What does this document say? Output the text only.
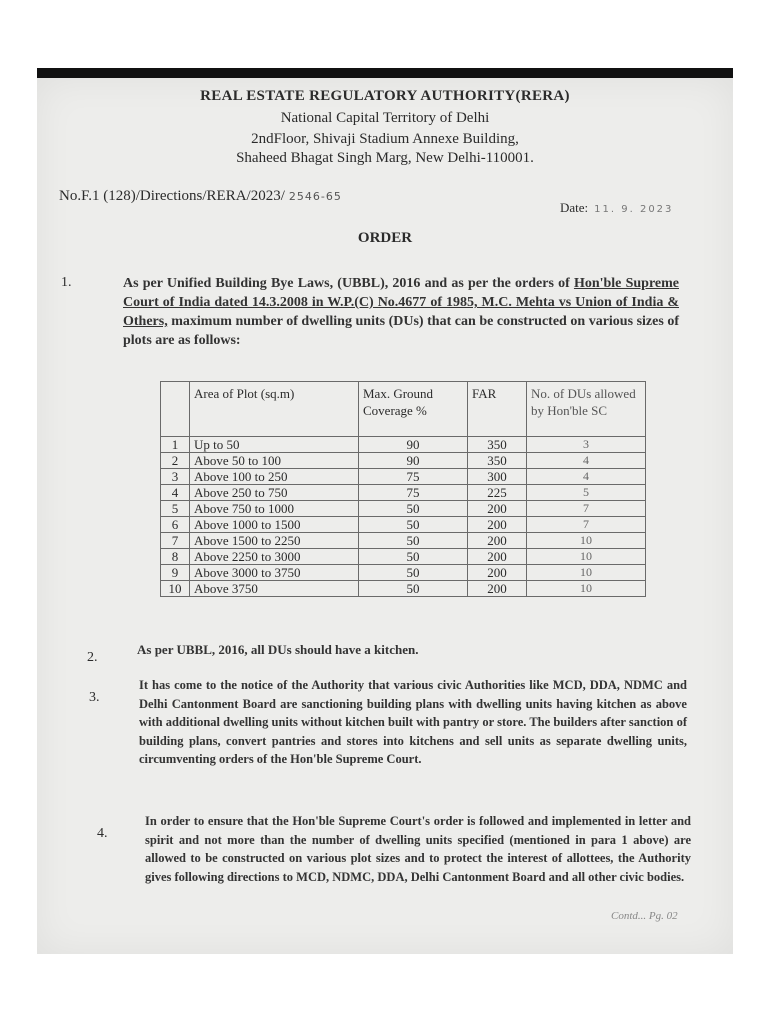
REAL ESTATE REGULATORY AUTHORITY(RERA)
National Capital Territory of Delhi
2ndFloor, Shivaji Stadium Annexe Building,
Shaheed Bhagat Singh Marg, New Delhi-110001.
No.F.1 (128)/Directions/RERA/2023/ 2546-65
Date: 11. 9. 2023
ORDER
1.	As per Unified Building Bye Laws, (UBBL), 2016 and as per the orders of Hon'ble Supreme Court of India dated 14.3.2008 in W.P.(C) No.4677 of 1985, M.C. Mehta vs Union of India & Others, maximum number of dwelling units (DUs) that can be constructed on various sizes of plots are as follows:
	Area of Plot (sq.m)	Max. Ground Coverage %	FAR	No. of DUs allowed by Hon'ble SC
1	Up to 50	90	350	3
2	Above 50 to 100	90	350	4
3	Above 100 to 250	75	300	4
4	Above 250 to 750	75	225	5
5	Above 750 to 1000	50	200	7
6	Above 1000 to 1500	50	200	7
7	Above 1500 to 2250	50	200	10
8	Above 2250 to 3000	50	200	10
9	Above 3000 to 3750	50	200	10
10	Above 3750	50	200	10
2.
As per UBBL, 2016, all DUs should have a kitchen.
3.
It has come to the notice of the Authority that various civic Authorities like MCD, DDA, NDMC and Delhi Cantonment Board are sanctioning building plans with dwelling units having kitchen as above with additional dwelling units without kitchen built with pantry or store. The builders after sanction of building plans, convert pantries and stores into kitchens and sell units as separate dwelling units, circumventing orders of the Hon'ble Supreme Court.
4.
In order to ensure that the Hon'ble Supreme Court's order is followed and implemented in letter and spirit and not more than the number of dwelling units specified (mentioned in para 1 above) are allowed to be constructed on various plot sizes and to protect the interest of allottees, the Authority gives following directions to MCD, NDMC, DDA, Delhi Cantonment Board and all other civic bodies.
Contd... Pg. 02
